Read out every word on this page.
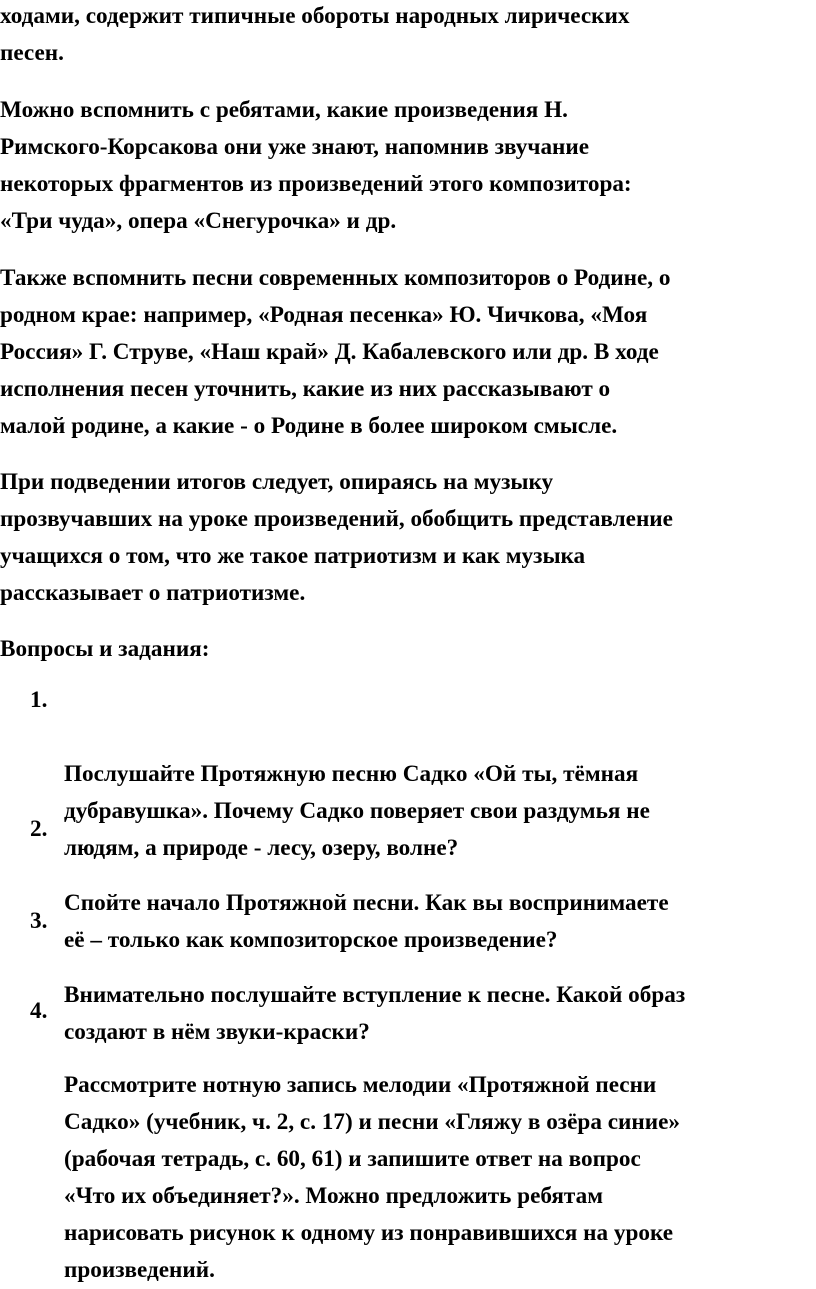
ходами, содержит типичные обороты народных лирических
песен.

Можно вспомнить с ребятами, какие произведения Н.
Римского-Корсакова они уже знают, напомнив звучание
некоторых фрагментов из произведений этого композитора:
«Три чуда», опера «Снегурочка» и др.

Также вспомнить песни современных композиторов о Родине, о
родном крае: например, «Родная песенка» Ю. Чичкова, «Моя
Россия» Г. Струве, «Наш край» Д. Кабалевского или др. В ходе
исполнения песен уточнить, какие из них рассказывают о
малой родине, а какие - о Родине в более широком смысле.

При подведении итогов следует, опираясь на музыку
прозвучавших на уроке произведений, обобщить представление
учащихся о том, что же такое патриотизм и как музыка
рассказывает о патриотизме.

Вопросы и задания:

1.

Послушайте Протяжную песню Садко «Ой ты, тёмная
дубравушка». Почему Садко поверяет свои раздумья не
людям, а природе - лесу, озеру, волне?

2.

Спойте начало Протяжной песни. Как вы воспринимаете
её – только как композиторское произведение?

3.

Внимательно послушайте вступление к песне. Какой образ
создают в нём звуки-краски?

4.

Рассмотрите нотную запись мелодии «Протяжной песни
Садко» (учебник, ч. 2, с. 17) и песни «Гляжу в озёра синие»
(рабочая тетрадь, с. 60, 61) и запишите ответ на вопрос
«Что их объединяет?». Можно предложить ребятам
нарисовать рисунок к одному из понравившихся на уроке
произведений.
